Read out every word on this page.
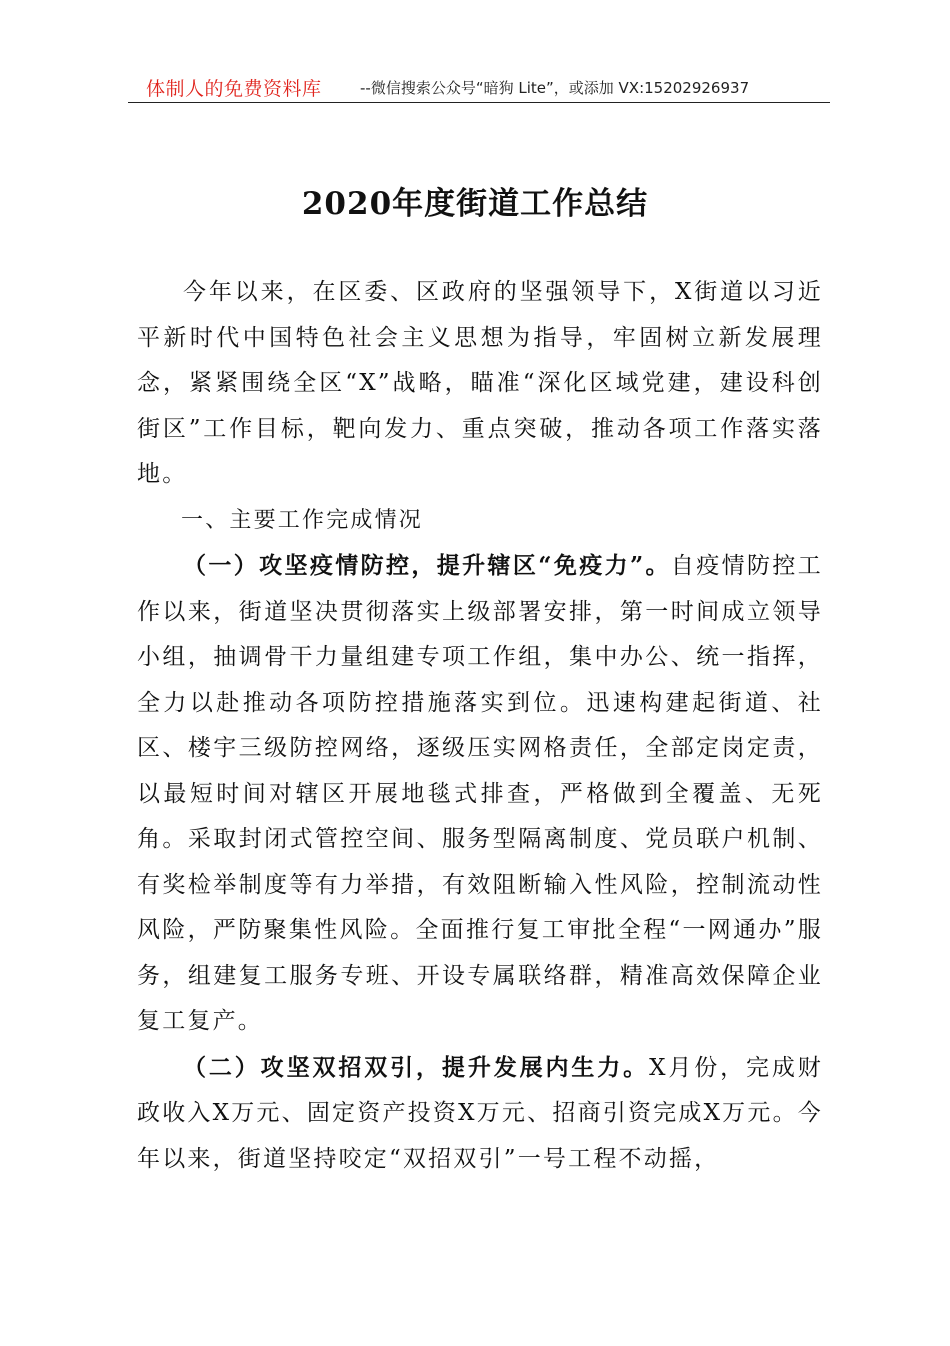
体制人的免费资料库	--微信搜索公众号“暗狗 Lite”，或添加 VX:15202926937
2020年度街道工作总结

今年以来，在区委、区政府的坚强领导下，X街道以习近平新时代中国特色社会主义思想为指导，牢固树立新发展理念，紧紧围绕全区“X”战略，瞄准“深化区域党建，建设科创街区”工作目标，靶向发力、重点突破，推动各项工作落实落地。

一、主要工作完成情况

（一）攻坚疫情防控，提升辖区“免疫力”。自疫情防控工作以来，街道坚决贯彻落实上级部署安排，第一时间成立领导小组，抽调骨干力量组建专项工作组，集中办公、统一指挥，全力以赴推动各项防控措施落实到位。迅速构建起街道、社区、楼宇三级防控网络，逐级压实网格责任，全部定岗定责，以最短时间对辖区开展地毯式排查，严格做到全覆盖、无死角。采取封闭式管控空间、服务型隔离制度、党员联户机制、有奖检举制度等有力举措，有效阻断输入性风险，控制流动性风险，严防聚集性风险。全面推行复工审批全程“一网通办”服务，组建复工服务专班、开设专属联络群，精准高效保障企业复工复产。

（二）攻坚双招双引，提升发展内生力。X月份，完成财政收入X万元、固定资产投资X万元、招商引资完成X万元。今年以来，街道坚持咬定“双招双引”一号工程不动摇，
